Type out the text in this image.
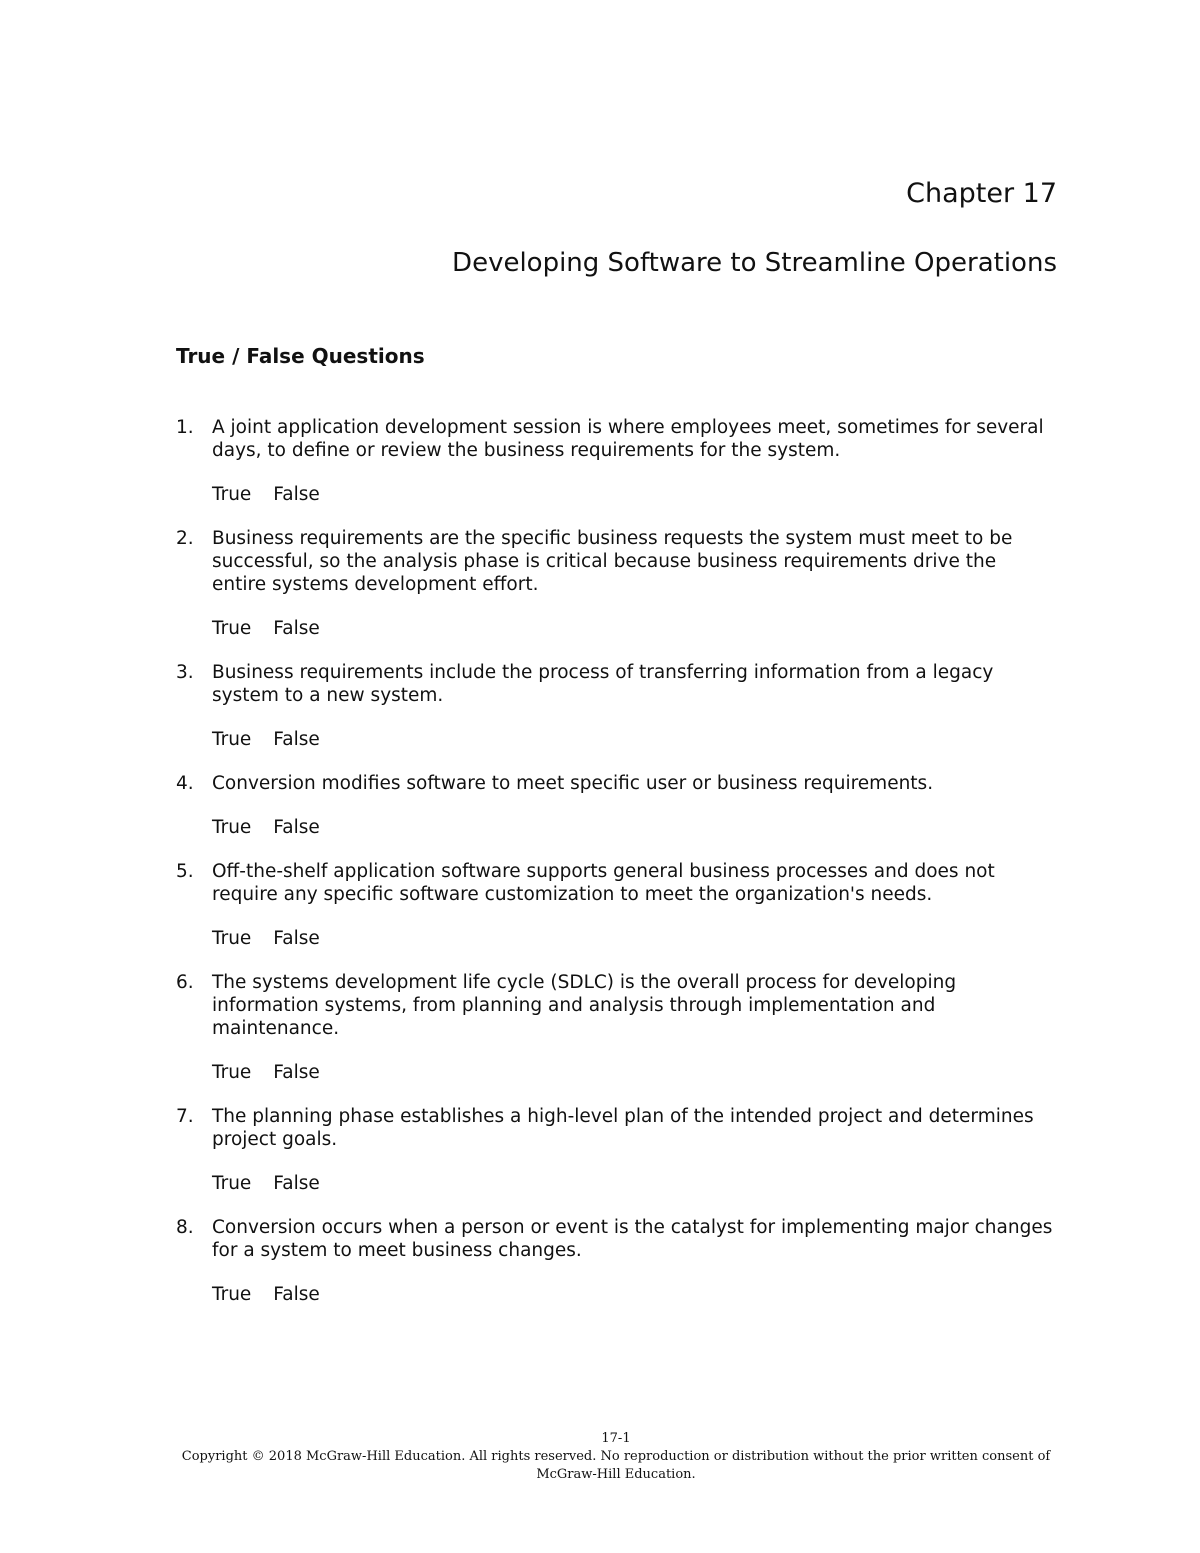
Chapter 17
Developing Software to Streamline Operations
True / False Questions
1. A joint application development session is where employees meet, sometimes for several days, to define or review the business requirements for the system.
True False
2. Business requirements are the specific business requests the system must meet to be successful, so the analysis phase is critical because business requirements drive the entire systems development effort.
True False
3. Business requirements include the process of transferring information from a legacy system to a new system.
True False
4. Conversion modifies software to meet specific user or business requirements.
True False
5. Off-the-shelf application software supports general business processes and does not require any specific software customization to meet the organization's needs.
True False
6. The systems development life cycle (SDLC) is the overall process for developing information systems, from planning and analysis through implementation and maintenance.
True False
7. The planning phase establishes a high-level plan of the intended project and determines project goals.
True False
8. Conversion occurs when a person or event is the catalyst for implementing major changes for a system to meet business changes.
True False
17-1
Copyright © 2018 McGraw-Hill Education. All rights reserved. No reproduction or distribution without the prior written consent of
McGraw-Hill Education.
